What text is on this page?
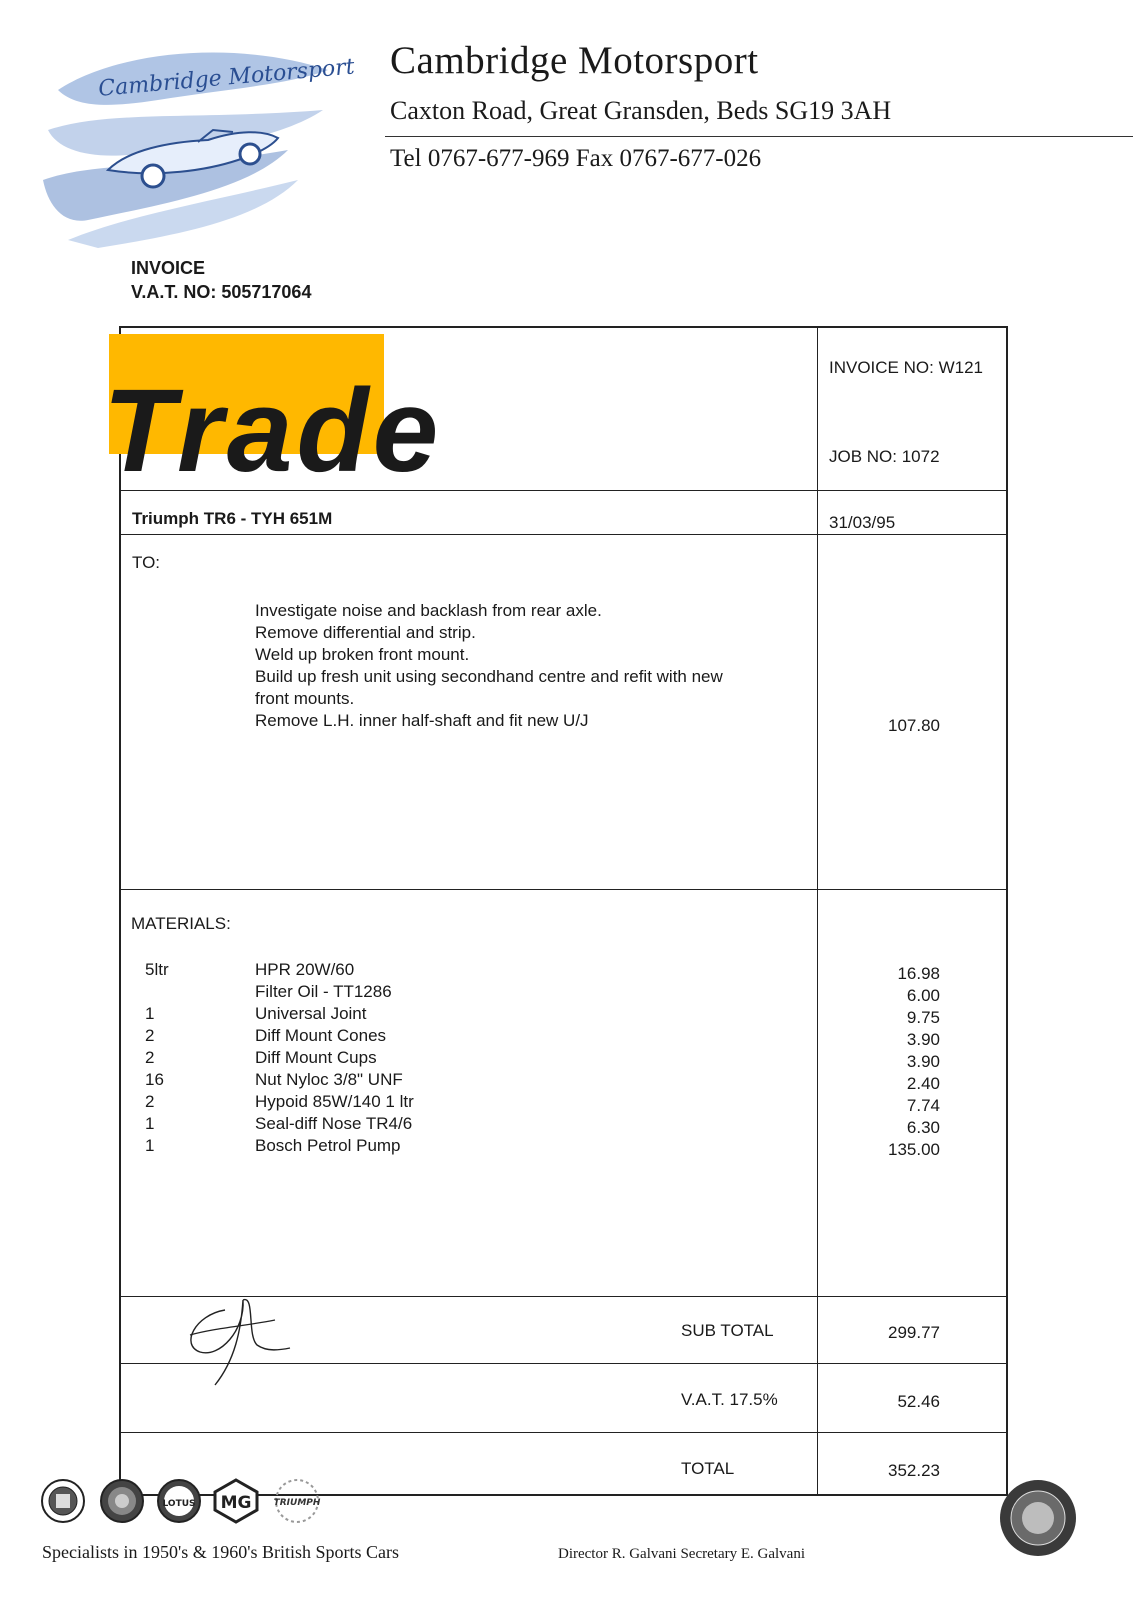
Cambridge Motorsport Cambridge Motorsport
Caxton Road, Great Gransden, Beds SG19 3AH
Tel 0767-677-969 Fax 0767-677-026
INVOICE
V.A.T. NO: 505717064
Trade	INVOICE NO: W121
JOB NO: 1072
Triumph TR6 - TYH 651M	31/03/95
TO:
Investigate noise and backlash from rear axle.
Remove differential and strip.
Weld up broken front mount.
Build up fresh unit using secondhand centre and refit with new
front mounts.
Remove L.H. inner half-shaft and fit new U/J	107.80
MATERIALS:
5ltr	HPR 20W/60	16.98
Filter Oil - TT1286	6.00
1	Universal Joint	9.75
2	Diff Mount Cones	3.90
2	Diff Mount Cups	3.90
16	Nut Nyloc 3/8" UNF	2.40
2	Hypoid 85W/140 1 ltr	7.74
1	Seal-diff Nose TR4/6	6.30
1	Bosch Petrol Pump	135.00
SUB TOTAL	299.77
V.A.T. 17.5%	52.46
TOTAL	352.23
LOTUS MG TRIUMPH
Specialists in 1950's & 1960's British Sports Cars	Director R. Galvani Secretary E. Galvani
